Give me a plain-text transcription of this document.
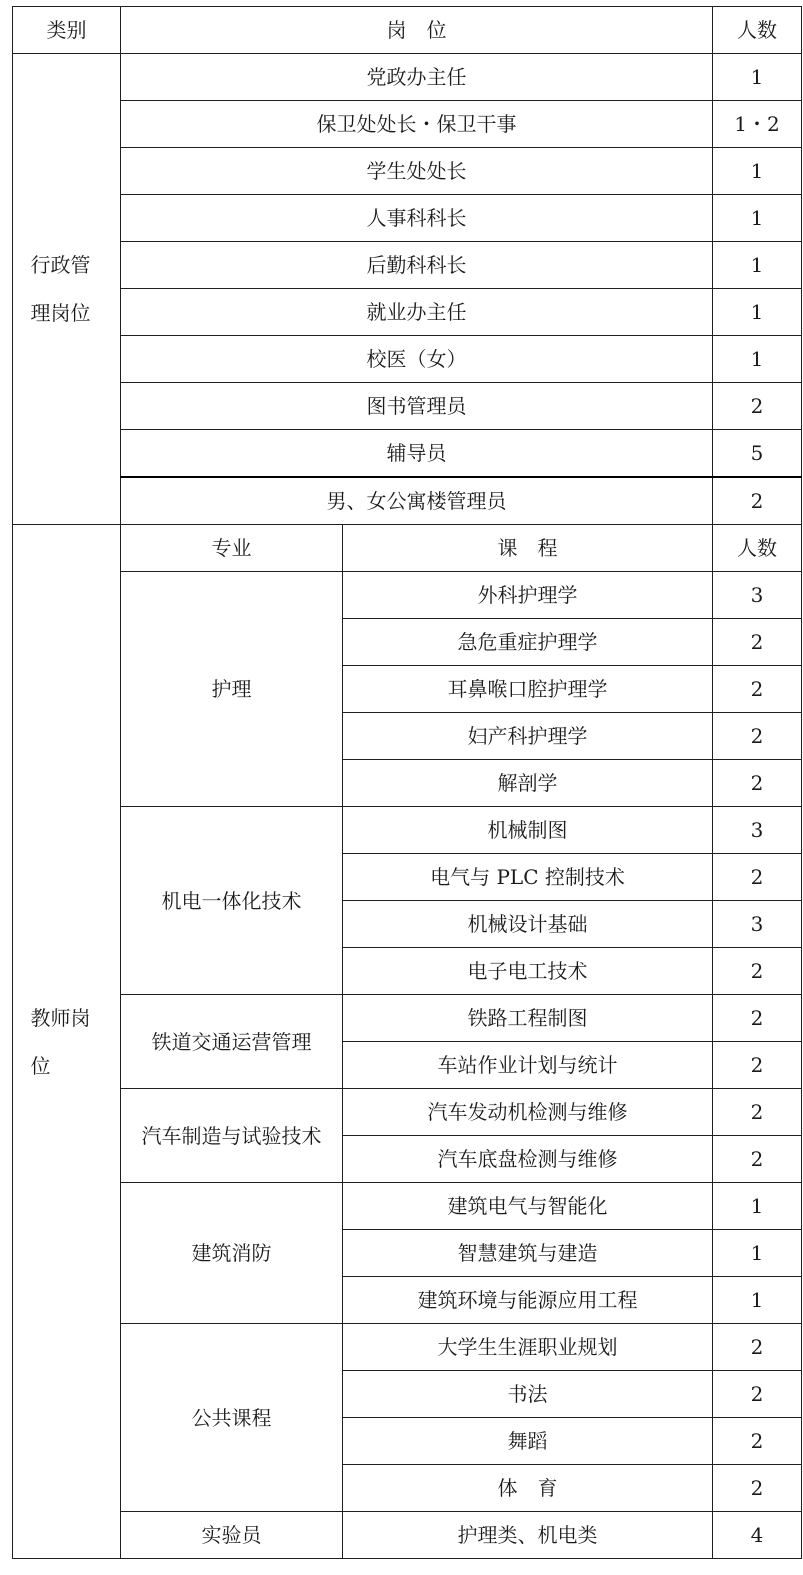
类别	岗　位		人数

行政管理岗位	党政办主任		1
	保卫处处长・保卫干事		1・2
	学生处处长		1
	人事科科长		1
	后勤科科长		1
	就业办主任		1
	校医（女）		1
	图书管理员		2
	辅导员		5
	男、女公寓楼管理员		2

教师岗位	专业	课　程	人数
	护理	外科护理学	3
		急危重症护理学	2
		耳鼻喉口腔护理学	2
		妇产科护理学	2
		解剖学	2
	机电一体化技术	机械制图	3
		电气与 PLC 控制技术	2
		机械设计基础	3
		电子电工技术	2
	铁道交通运营管理	铁路工程制图	2
		车站作业计划与统计	2
	汽车制造与试验技术	汽车发动机检测与维修	2
		汽车底盘检测与维修	2
	建筑消防	建筑电气与智能化	1
		智慧建筑与建造	1
		建筑环境与能源应用工程	1
	公共课程	大学生生涯职业规划	2
		书法	2
		舞蹈	2
		体　育	2
	实验员	护理类、机电类	4
